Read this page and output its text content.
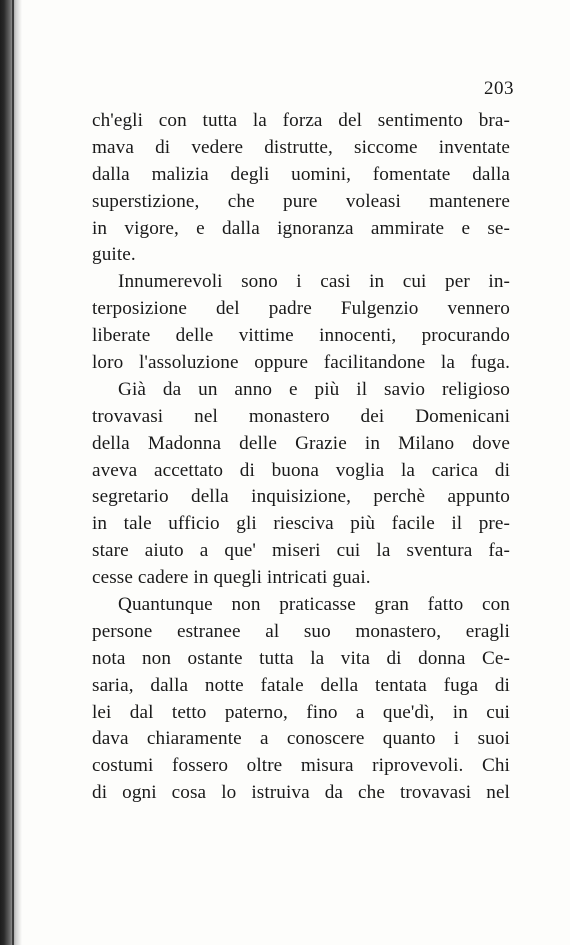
203
ch'egli con tutta la forza del sentimento bra-
mava di vedere distrutte, siccome inventate
dalla malizia degli uomini, fomentate dalla
superstizione, che pure voleasi mantenere
in vigore, e dalla ignoranza ammirate e se-
guite.
Innumerevoli sono i casi in cui per in-
terposizione del padre Fulgenzio vennero
liberate delle vittime innocenti, procurando
loro l'assoluzione oppure facilitandone la fuga.
Già da un anno e più il savio religioso
trovavasi nel monastero dei Domenicani
della Madonna delle Grazie in Milano dove
aveva accettato di buona voglia la carica di
segretario della inquisizione, perchè appunto
in tale ufficio gli riesciva più facile il pre-
stare aiuto a que' miseri cui la sventura fa-
cesse cadere in quegli intricati guai.
Quantunque non praticasse gran fatto con
persone estranee al suo monastero, eragli
nota non ostante tutta la vita di donna Ce-
saria, dalla notte fatale della tentata fuga di
lei dal tetto paterno, fino a que'dì, in cui
dava chiaramente a conoscere quanto i suoi
costumi fossero oltre misura riprovevoli. Chi
di ogni cosa lo istruiva da che trovavasi nel
